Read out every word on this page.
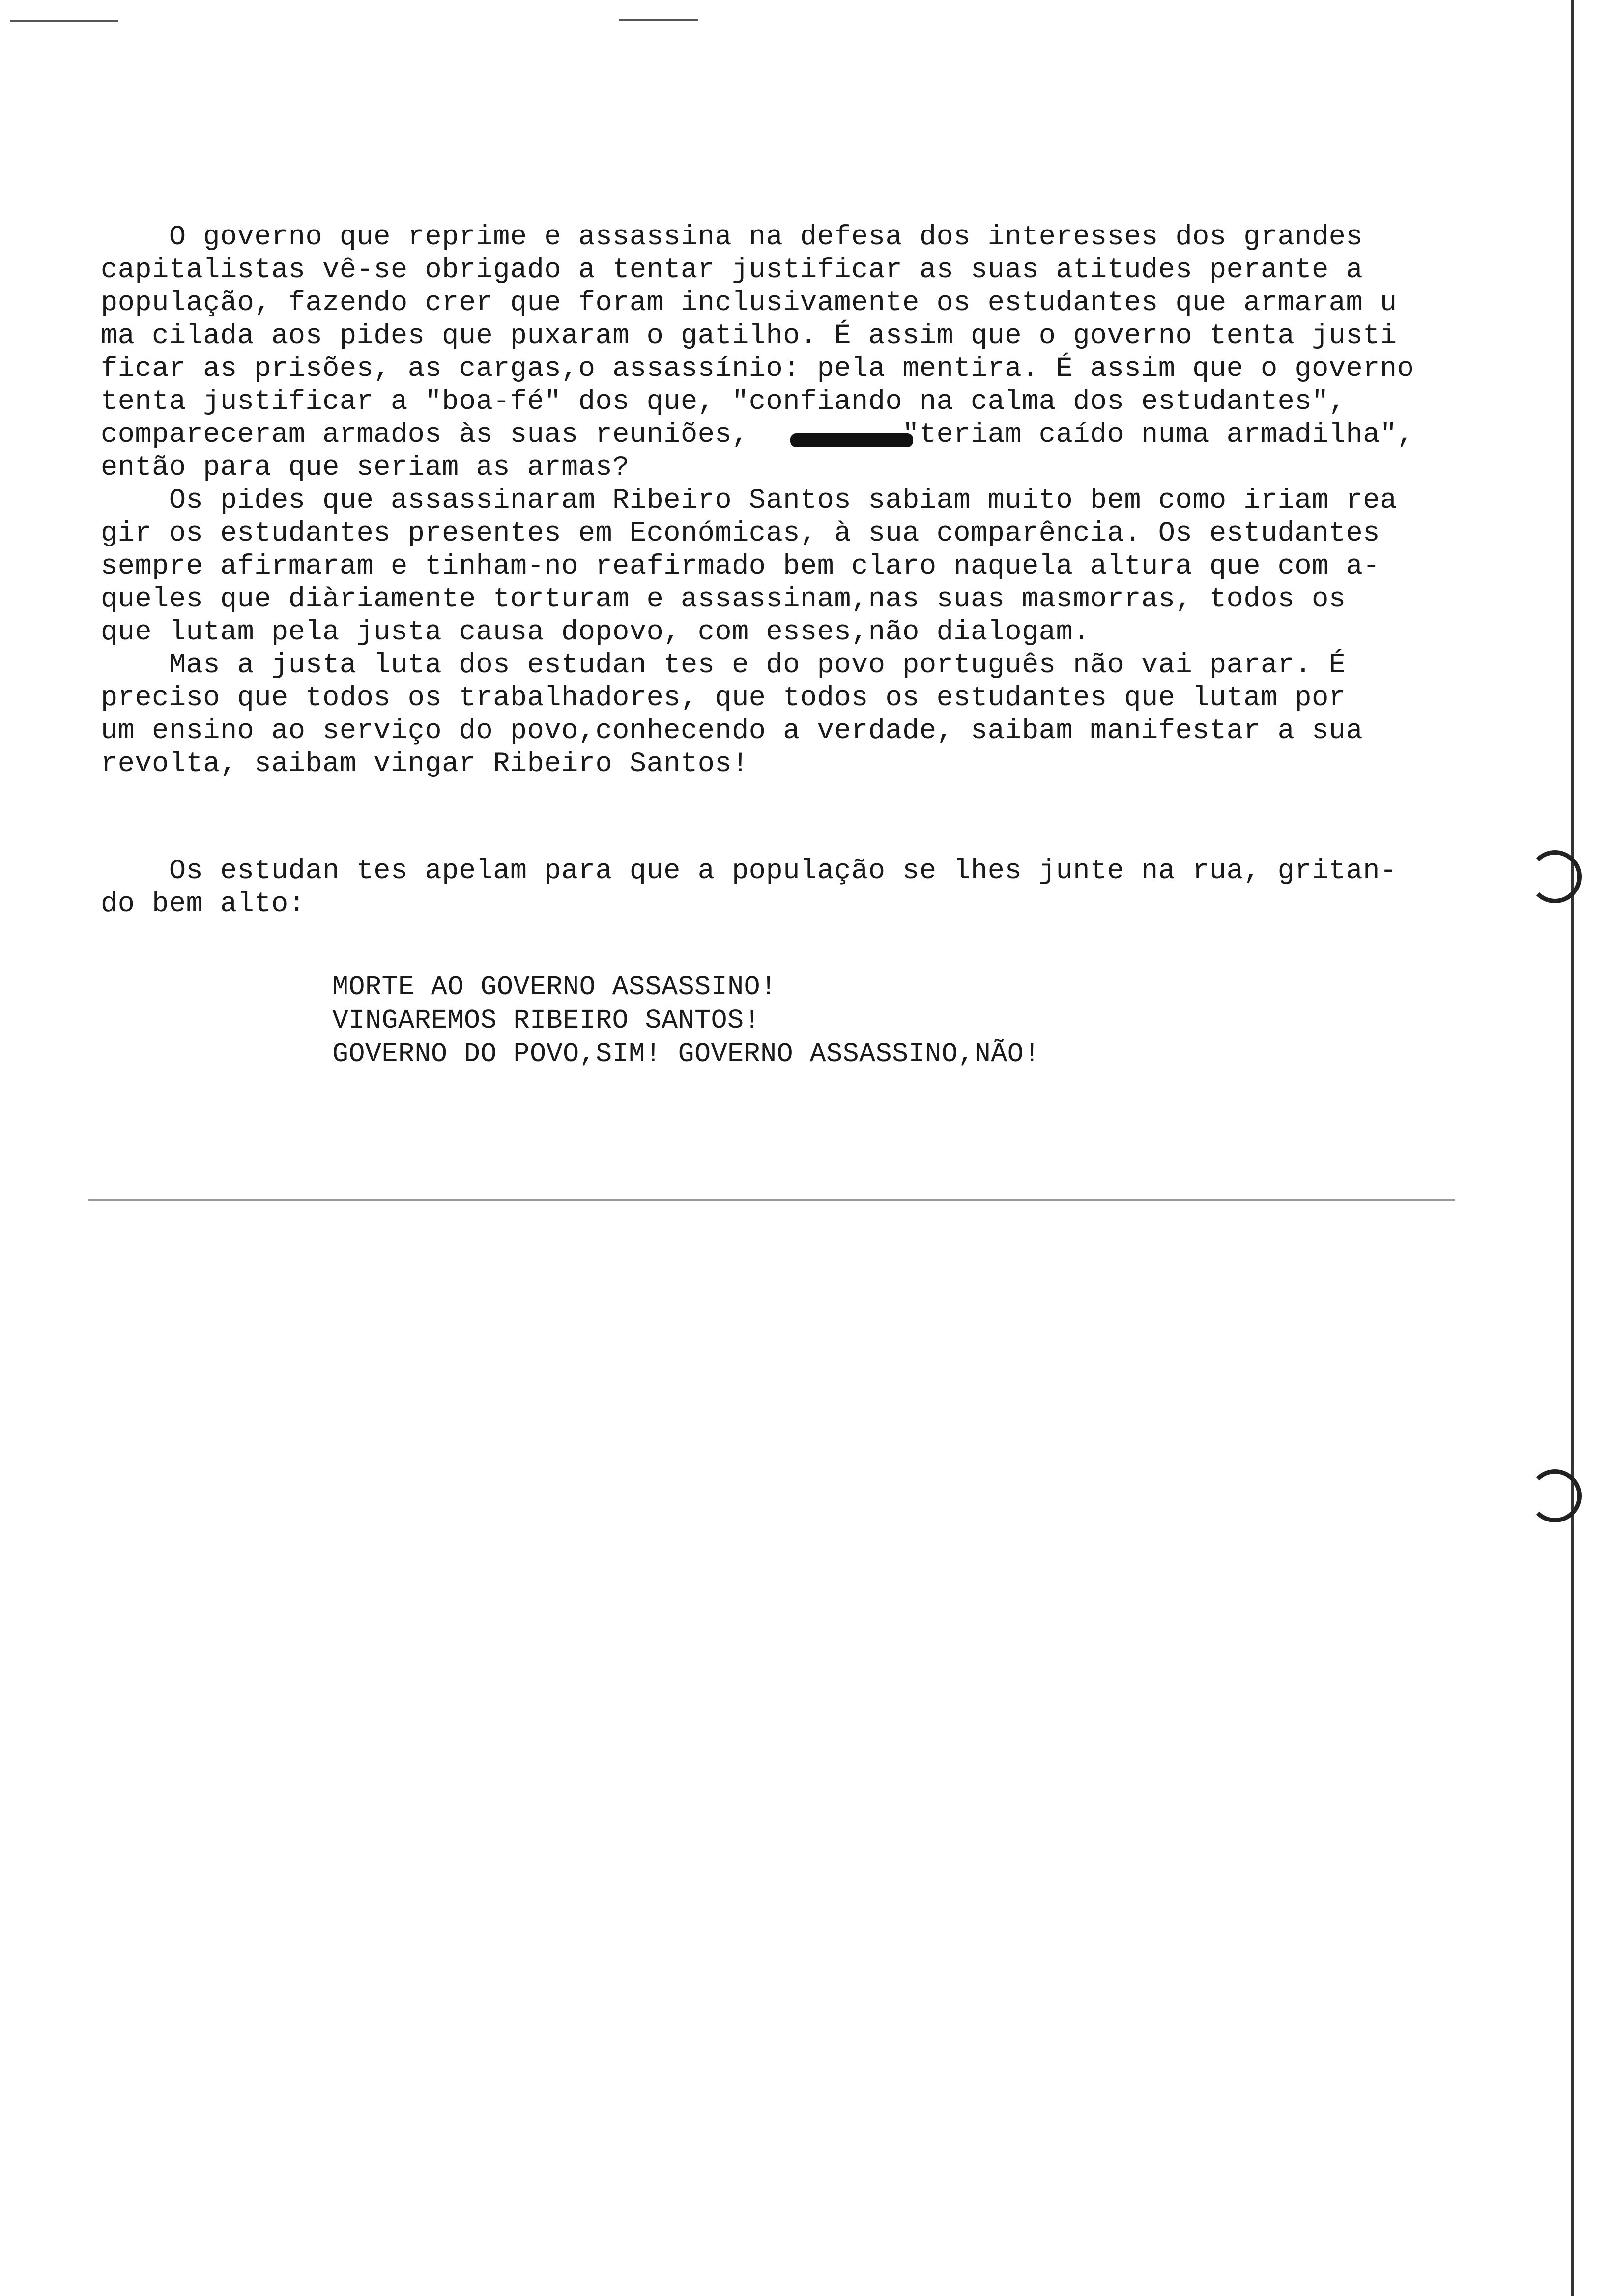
O governo que reprime e assassina na defesa dos interesses dos grandes
capitalistas vê-se obrigado a tentar justificar as suas atitudes perante a
população, fazendo crer que foram inclusivamente os estudantes que armaram u
ma cilada aos pides que puxaram o gatilho. É assim que o governo tenta justi
ficar as prisões, as cargas,o assassínio: pela mentira. É assim que o governo
tenta justificar a "boa-fé" dos que, "confiando na calma dos estudantes",
compareceram armados às suas reuniões,         "teriam caído numa armadilha",
então para que seriam as armas?
Os pides que assassinaram Ribeiro Santos sabiam muito bem como iriam rea
gir os estudantes presentes em Económicas, à sua comparência. Os estudantes
sempre afirmaram e tinham-no reafirmado bem claro naquela altura que com a-
queles que diàriamente torturam e assassinam,nas suas masmorras, todos os
que lutam pela justa causa dopovo, com esses,não dialogam.
Mas a justa luta dos estudan tes e do povo português não vai parar. É
preciso que todos os trabalhadores, que todos os estudantes que lutam por
um ensino ao serviço do povo,conhecendo a verdade, saibam manifestar a sua
revolta, saibam vingar Ribeiro Santos!
Os estudan tes apelam para que a população se lhes junte na rua, gritan-
do bem alto:
MORTE AO GOVERNO ASSASSINO!
VINGAREMOS RIBEIRO SANTOS!
GOVERNO DO POVO,SIM! GOVERNO ASSASSINO,NÃO!
